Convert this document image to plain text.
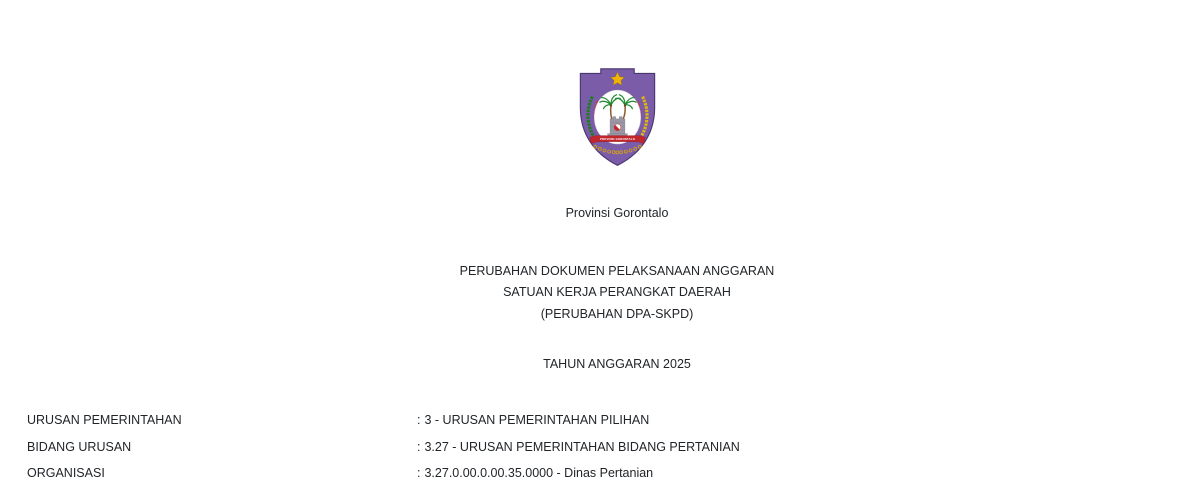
PROVINSI GORONTALO
Provinsi Gorontalo
PERUBAHAN DOKUMEN PELAKSANAAN ANGGARAN
SATUAN KERJA PERANGKAT DAERAH
(PERUBAHAN DPA-SKPD)
TAHUN ANGGARAN 2025
URUSAN PEMERINTAHAN	: 3 - URUSAN PEMERINTAHAN PILIHAN
BIDANG URUSAN	: 3.27 - URUSAN PEMERINTAHAN BIDANG PERTANIAN
ORGANISASI	: 3.27.0.00.0.00.35.0000 - Dinas Pertanian
